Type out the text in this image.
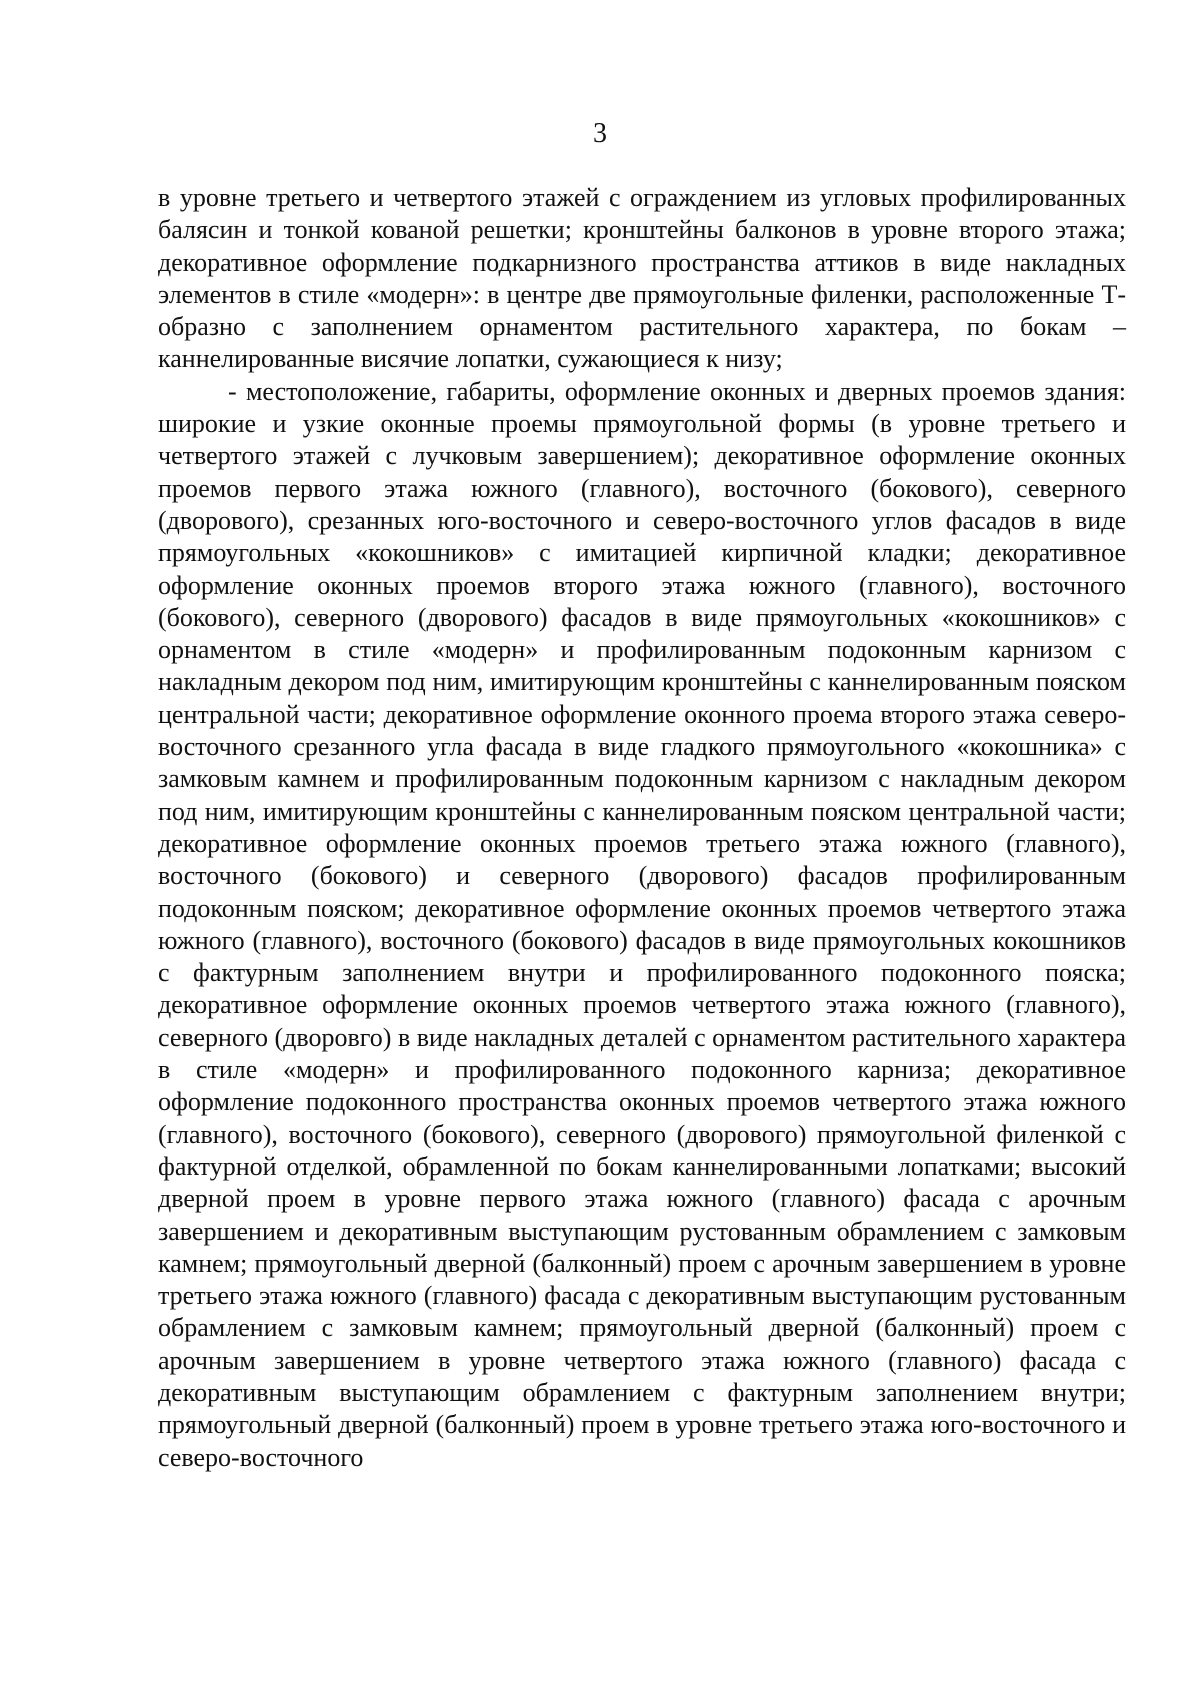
3

в уровне третьего и четвертого этажей с ограждением из угловых профилированных балясин и тонкой кованой решетки; кронштейны балконов в уровне второго этажа; декоративное оформление подкарнизного пространства аттиков в виде накладных элементов в стиле «модерн»: в центре две прямоугольные филенки, расположенные Т-образно с заполнением орнаментом растительного характера, по бокам – каннелированные висячие лопатки, сужающиеся к низу;

- местоположение, габариты, оформление оконных и дверных проемов здания: широкие и узкие оконные проемы прямоугольной формы (в уровне третьего и четвертого этажей с лучковым завершением); декоративное оформление оконных проемов первого этажа южного (главного), восточного (бокового), северного (дворового), срезанных юго-восточного и северо-восточного углов фасадов в виде прямоугольных «кокошников» с имитацией кирпичной кладки; декоративное оформление оконных проемов второго этажа южного (главного), восточного (бокового), северного (дворового) фасадов в виде прямоугольных «кокошников» с орнаментом в стиле «модерн» и профилированным подоконным карнизом с накладным декором под ним, имитирующим кронштейны с каннелированным пояском центральной части; декоративное оформление оконного проема второго этажа северо-восточного срезанного угла фасада в виде гладкого прямоугольного «кокошника» с замковым камнем и профилированным подоконным карнизом с накладным декором под ним, имитирующим кронштейны с каннелированным пояском центральной части; декоративное оформление оконных проемов третьего этажа южного (главного), восточного (бокового) и северного (дворового) фасадов профилированным подоконным пояском; декоративное оформление оконных проемов четвертого этажа южного (главного), восточного (бокового) фасадов в виде прямоугольных кокошников с фактурным заполнением внутри и профилированного подоконного пояска; декоративное оформление оконных проемов четвертого этажа южного (главного), северного (дворовго) в виде накладных деталей с орнаментом растительного характера в стиле «модерн» и профилированного подоконного карниза; декоративное оформление подоконного пространства оконных проемов четвертого этажа южного (главного), восточного (бокового), северного (дворового) прямоугольной филенкой с фактурной отделкой, обрамленной по бокам каннелированными лопатками; высокий дверной проем в уровне первого этажа южного (главного) фасада с арочным завершением и декоративным выступающим рустованным обрамлением с замковым камнем; прямоугольный дверной (балконный) проем с арочным завершением в уровне третьего этажа южного (главного) фасада с декоративным выступающим рустованным обрамлением с замковым камнем; прямоугольный дверной (балконный) проем с арочным завершением в уровне четвертого этажа южного (главного) фасада с декоративным выступающим обрамлением с фактурным заполнением внутри; прямоугольный дверной (балконный) проем в уровне третьего этажа юго-восточного и северо-восточного
